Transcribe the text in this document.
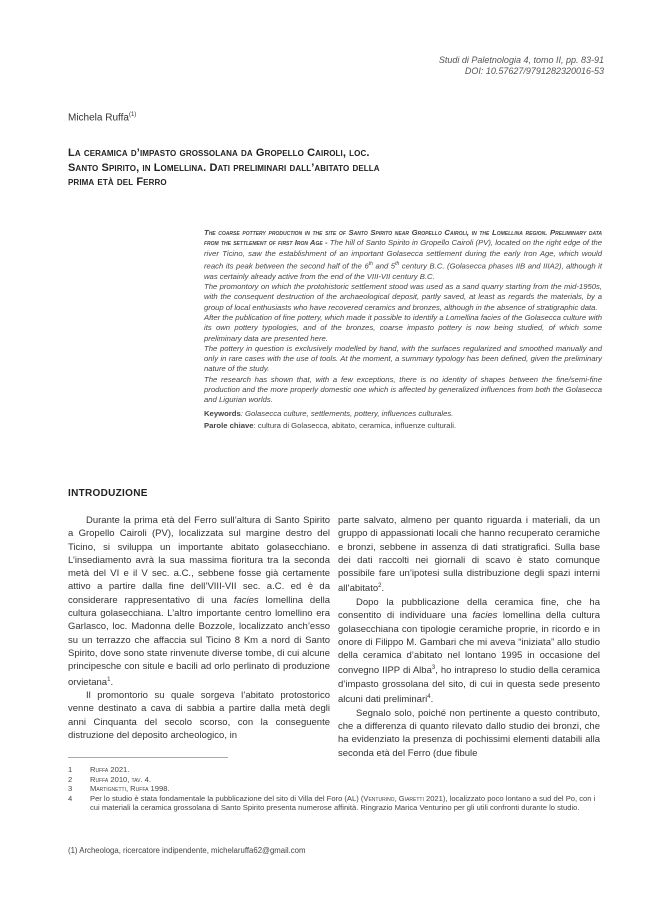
Studi di Paletnologia 4, tomo II, pp. 83-91
DOI: 10.57627/9791282320016-53
Michela Ruffa$^{(1)}$
La ceramica d’impasto grossolana da Gropello Cairoli, loc. Santo Spirito, in Lomellina. Dati preliminari dall’abitato della prima età del Ferro

The coarse pottery production in the site of Santo Spirito near Gropello Cairoli, in the Lomellina region. Preliminary data from the settlement of first Iron Age - The hill of Santo Spirito in Gropello Cairoli (PV), located on the right edge of the river Ticino, saw the establishment of an important Golasecca settlement during the early Iron Age, which would reach its peak between the second half of the 6th and 5th century B.C. (Golasecca phases IIB and IIIA2), although it was certainly already active from the end of the VIII-VII century B.C.

The promontory on which the protohistoric settlement stood was used as a sand quarry starting from the mid-1950s, with the consequent destruction of the archaeological deposit, partly saved, at least as regards the materials, by a group of local enthusiasts who have recovered ceramics and bronzes, although in the absence of stratigraphic data.

After the publication of fine pottery, which made it possible to identify a Lomellina facies of the Golasecca culture with its own pottery typologies, and of the bronzes, coarse impasto pottery is now being studied, of which some preliminary data are presented here.

The pottery in question is exclusively modelled by hand, with the surfaces regularized and smoothed manually and only in rare cases with the use of tools. At the moment, a summary typology has been defined, given the preliminary nature of the study.

The research has shown that, with a few exceptions, there is no identity of shapes between the fine/semi-fine production and the more properly domestic one which is affected by generalized influences from both the Golasecca and Ligurian worlds.

Keywords: Golasecca culture, settlements, pottery, influences culturales.

Parole chiave: cultura di Golasecca, abitato, ceramica, influenze culturali.

INTRODUZIONE

Durante la prima età del Ferro sull’altura di Santo Spirito a Gropello Cairoli (PV), localizzata sul margine destro del Ticino, si sviluppa un importante abitato golasecchiano. L’insediamento avrà la sua massima fioritura tra la seconda metà del VI e il V sec. a.C., sebbene fosse già certamente attivo a partire dalla fine dell’VIII-VII sec. a.C. ed è da considerare rappresentativo di una facies lomellina della cultura golasecchiana. L’altro importante centro lomellino era Garlasco, loc. Madonna delle Bozzole, localizzato anch’esso su un terrazzo che affaccia sul Ticino 8 Km a nord di Santo Spirito, dove sono state rinvenute diverse tombe, di cui alcune principesche con situle e bacili ad orlo perlinato di produzione orvietana$^1$.

Il promontorio su quale sorgeva l’abitato protostorico venne destinato a cava di sabbia a partire dalla metà degli anni Cinquanta del secolo scorso, con la conseguente distruzione del deposito archeologico, in

parte salvato, almeno per quanto riguarda i materiali, da un gruppo di appassionati locali che hanno recuperato ceramiche e bronzi, sebbene in assenza di dati stratigrafici. Sulla base dei dati raccolti nei giornali di scavo è stato comunque possibile fare un’ipotesi sulla distribuzione degli spazi interni all’abitato$^2$.

Dopo la pubblicazione della ceramica fine, che ha consentito di individuare una facies lomellina della cultura golasecchiana con tipologie ceramiche proprie, in ricordo e in onore di Filippo M. Gambari che mi aveva “iniziata” allo studio della ceramica d’abitato nel lontano 1995 in occasione del convegno IIPP di Alba$^3$, ho intrapreso lo studio della ceramica d’impasto grossolana del sito, di cui in questa sede presento alcuni dati preliminari$^4$.

Segnalo solo, poiché non pertinente a questo contributo, che a differenza di quanto rilevato dallo studio dei bronzi, che ha evidenziato la presenza di pochissimi elementi databili alla seconda età del Ferro (due fibule

1	Ruffa 2021.
2	Ruffa 2010, tav. 4.
3	Martignetti, Ruffa 1998.
4	Per lo studio è stata fondamentale la pubblicazione del sito di Villa del Foro (AL) (Venturino, Giaretti 2021), localizzato poco lontano a sud del Po, con i cui materiali la ceramica grossolana di Santo Spirito presenta numerose affinità. Ringrazio Marica Venturino per gli utili confronti durante lo studio.
(1) Archeologa, ricercatore indipendente, michelaruffa62@gmail.com
